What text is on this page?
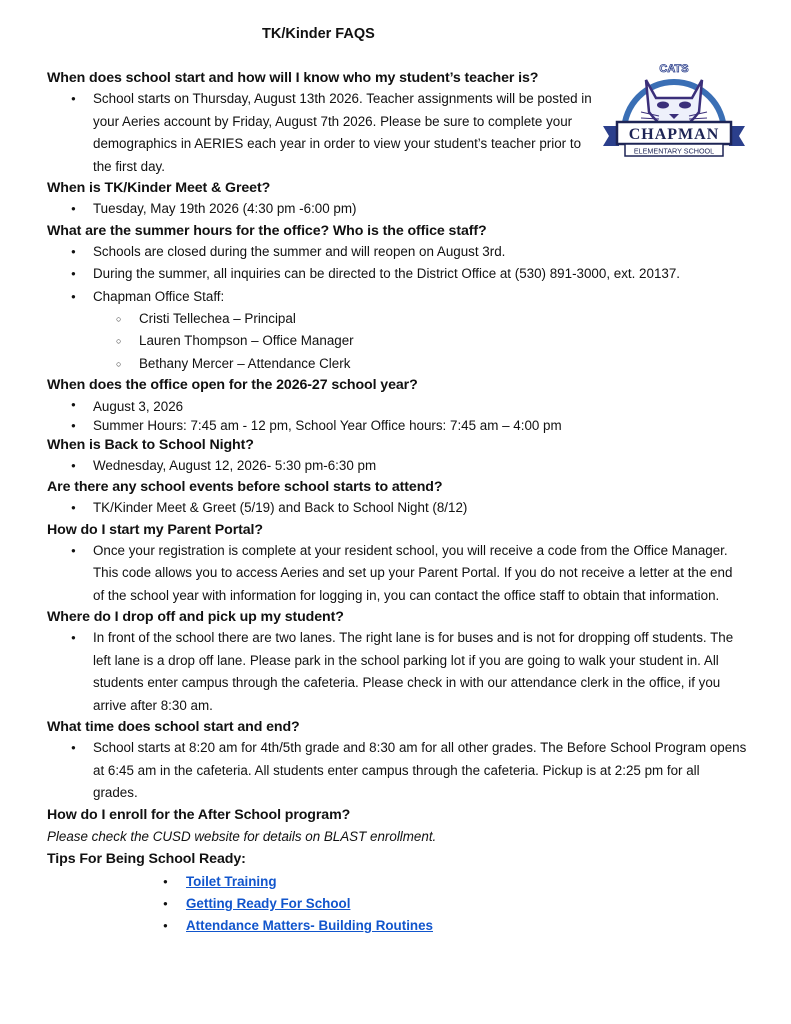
TK/Kinder FAQS
CATS
CHAPMAN
ELEMENTARY SCHOOL

When does school start and how will I know who my student’s teacher is?

● School starts on Thursday, August 13th 2026. Teacher assignments will be posted in your Aeries account by Friday, August 7th 2026. Please be sure to complete your demographics in AERIES each year in order to view your student’s teacher prior to the first day.

When is TK/Kinder Meet & Greet?

● Tuesday, May 19th 2026 (4:30 pm -6:00 pm)

What are the summer hours for the office? Who is the office staff?

● Schools are closed during the summer and will reopen on August 3rd.
● During the summer, all inquiries can be directed to the District Office at (530) 891-3000, ext. 20137.
● Chapman Office Staff:
○ Cristi Tellechea – Principal
○ Lauren Thompson – Office Manager
○ Bethany Mercer – Attendance Clerk

When does the office open for the 2026-27 school year?

● August 3, 2026
● Summer Hours: 7:45 am - 12 pm, School Year Office hours: 7:45 am – 4:00 pm

When is Back to School Night?

● Wednesday, August 12, 2026- 5:30 pm-6:30 pm

Are there any school events before school starts to attend?

● TK/Kinder Meet & Greet (5/19) and Back to School Night (8/12)

How do I start my Parent Portal?

● Once your registration is complete at your resident school, you will receive a code from the Office Manager. This code allows you to access Aeries and set up your Parent Portal. If you do not receive a letter at the end of the school year with information for logging in, you can contact the office staff to obtain that information.

Where do I drop off and pick up my student?

● In front of the school there are two lanes. The right lane is for buses and is not for dropping off students. The left lane is a drop off lane. Please park in the school parking lot if you are going to walk your student in. All students enter campus through the cafeteria. Please check in with our attendance clerk in the office, if you arrive after 8:30 am.

What time does school start and end?

● School starts at 8:20 am for 4th/5th grade and 8:30 am for all other grades. The Before School Program opens at 6:45 am in the cafeteria. All students enter campus through the cafeteria. Pickup is at 2:25 pm for all grades.

How do I enroll for the After School program?

Please check the CUSD website for details on BLAST enrollment.

Tips For Being School Ready:

● Toilet Training
● Getting Ready For School
● Attendance Matters- Building Routines
